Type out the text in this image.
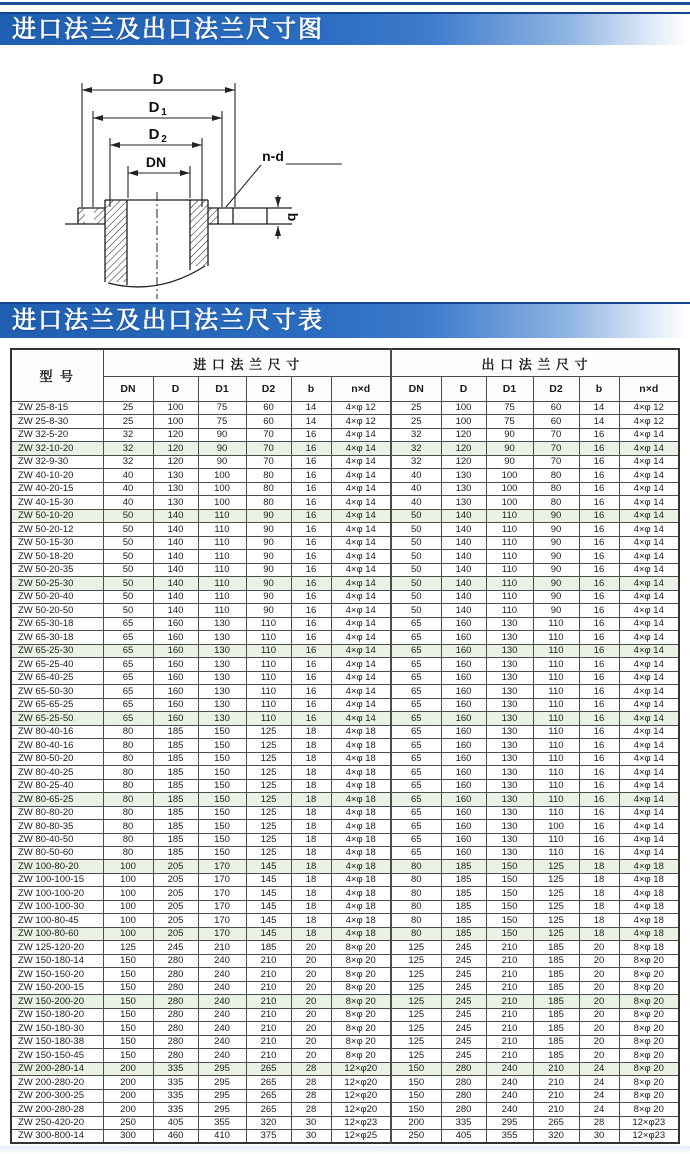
进口法兰及出口法兰尺寸图
D
D 1
D 2
DN	n-d
b
进口法兰及出口法兰尺寸表
型 号	进 口 法 兰 尺 寸						出 口 法 兰 尺 寸					
	DN	D	D1	D2	b	n×d	DN	D	D1	D2	b	n×d
ZW 25-8-15	25	100	75	60	14	4×φ 12	25	100	75	60	14	4×φ 12
ZW 25-8-30	25	100	75	60	14	4×φ 12	25	100	75	60	14	4×φ 12
ZW 32-5-20	32	120	90	70	16	4×φ 14	32	120	90	70	16	4×φ 14
ZW 32-10-20	32	120	90	70	16	4×φ 14	32	120	90	70	16	4×φ 14
ZW 32-9-30	32	120	90	70	16	4×φ 14	32	120	90	70	16	4×φ 14
ZW 40-10-20	40	130	100	80	16	4×φ 14	40	130	100	80	16	4×φ 14
ZW 40-20-15	40	130	100	80	16	4×φ 14	40	130	100	80	16	4×φ 14
ZW 40-15-30	40	130	100	80	16	4×φ 14	40	130	100	80	16	4×φ 14
ZW 50-10-20	50	140	110	90	16	4×φ 14	50	140	110	90	16	4×φ 14
ZW 50-20-12	50	140	110	90	16	4×φ 14	50	140	110	90	16	4×φ 14
ZW 50-15-30	50	140	110	90	16	4×φ 14	50	140	110	90	16	4×φ 14
ZW 50-18-20	50	140	110	90	16	4×φ 14	50	140	110	90	16	4×φ 14
ZW 50-20-35	50	140	110	90	16	4×φ 14	50	140	110	90	16	4×φ 14
ZW 50-25-30	50	140	110	90	16	4×φ 14	50	140	110	90	16	4×φ 14
ZW 50-20-40	50	140	110	90	16	4×φ 14	50	140	110	90	16	4×φ 14
ZW 50-20-50	50	140	110	90	16	4×φ 14	50	140	110	90	16	4×φ 14
ZW 65-30-18	65	160	130	110	16	4×φ 14	65	160	130	110	16	4×φ 14
ZW 65-30-18	65	160	130	110	16	4×φ 14	65	160	130	110	16	4×φ 14
ZW 65-25-30	65	160	130	110	16	4×φ 14	65	160	130	110	16	4×φ 14
ZW 65-25-40	65	160	130	110	16	4×φ 14	65	160	130	110	16	4×φ 14
ZW 65-40-25	65	160	130	110	16	4×φ 14	65	160	130	110	16	4×φ 14
ZW 65-50-30	65	160	130	110	16	4×φ 14	65	160	130	110	16	4×φ 14
ZW 65-65-25	65	160	130	110	16	4×φ 14	65	160	130	110	16	4×φ 14
ZW 65-25-50	65	160	130	110	16	4×φ 14	65	160	130	110	16	4×φ 14
ZW 80-40-16	80	185	150	125	18	4×φ 18	65	160	130	110	16	4×φ 14
ZW 80-40-16	80	185	150	125	18	4×φ 18	65	160	130	110	16	4×φ 14
ZW 80-50-20	80	185	150	125	18	4×φ 18	65	160	130	110	16	4×φ 14
ZW 80-40-25	80	185	150	125	18	4×φ 18	65	160	130	110	16	4×φ 14
ZW 80-25-40	80	185	150	125	18	4×φ 18	65	160	130	110	16	4×φ 14
ZW 80-65-25	80	185	150	125	18	4×φ 18	65	160	130	110	16	4×φ 14
ZW 80-80-20	80	185	150	125	18	4×φ 18	65	160	130	110	16	4×φ 14
ZW 80-80-35	80	185	150	125	18	4×φ 18	65	160	130	100	16	4×φ 14
ZW 80-40-50	80	185	150	125	18	4×φ 18	65	160	130	110	16	4×φ 14
ZW 80-50-60	80	185	150	125	18	4×φ 18	65	160	130	110	16	4×φ 14
ZW 100-80-20	100	205	170	145	18	4×φ 18	80	185	150	125	18	4×φ 18
ZW 100-100-15	100	205	170	145	18	4×φ 18	80	185	150	125	18	4×φ 18
ZW 100-100-20	100	205	170	145	18	4×φ 18	80	185	150	125	18	4×φ 18
ZW 100-100-30	100	205	170	145	18	4×φ 18	80	185	150	125	18	4×φ 18
ZW 100-80-45	100	205	170	145	18	4×φ 18	80	185	150	125	18	4×φ 18
ZW 100-80-60	100	205	170	145	18	4×φ 18	80	185	150	125	18	4×φ 18
ZW 125-120-20	125	245	210	185	20	8×φ 20	125	245	210	185	20	8×φ 18
ZW 150-180-14	150	280	240	210	20	8×φ 20	125	245	210	185	20	8×φ 20
ZW 150-150-20	150	280	240	210	20	8×φ 20	125	245	210	185	20	8×φ 20
ZW 150-200-15	150	280	240	210	20	8×φ 20	125	245	210	185	20	8×φ 20
ZW 150-200-20	150	280	240	210	20	8×φ 20	125	245	210	185	20	8×φ 20
ZW 150-180-20	150	280	240	210	20	8×φ 20	125	245	210	185	20	8×φ 20
ZW 150-180-30	150	280	240	210	20	8×φ 20	125	245	210	185	20	8×φ 20
ZW 150-180-38	150	280	240	210	20	8×φ 20	125	245	210	185	20	8×φ 20
ZW 150-150-45	150	280	240	210	20	8×φ 20	125	245	210	185	20	8×φ 20
ZW 200-280-14	200	335	295	265	28	12×φ20	150	280	240	210	24	8×φ 20
ZW 200-280-20	200	335	295	265	28	12×φ20	150	280	240	210	24	8×φ 20
ZW 200-300-25	200	335	295	265	28	12×φ20	150	280	240	210	24	8×φ 20
ZW 200-280-28	200	335	295	265	28	12×φ20	150	280	240	210	24	8×φ 20
ZW 250-420-20	250	405	355	320	30	12×φ23	200	335	295	265	28	12×φ23
ZW 300-800-14	300	460	410	375	30	12×φ25	250	405	355	320	30	12×φ23
